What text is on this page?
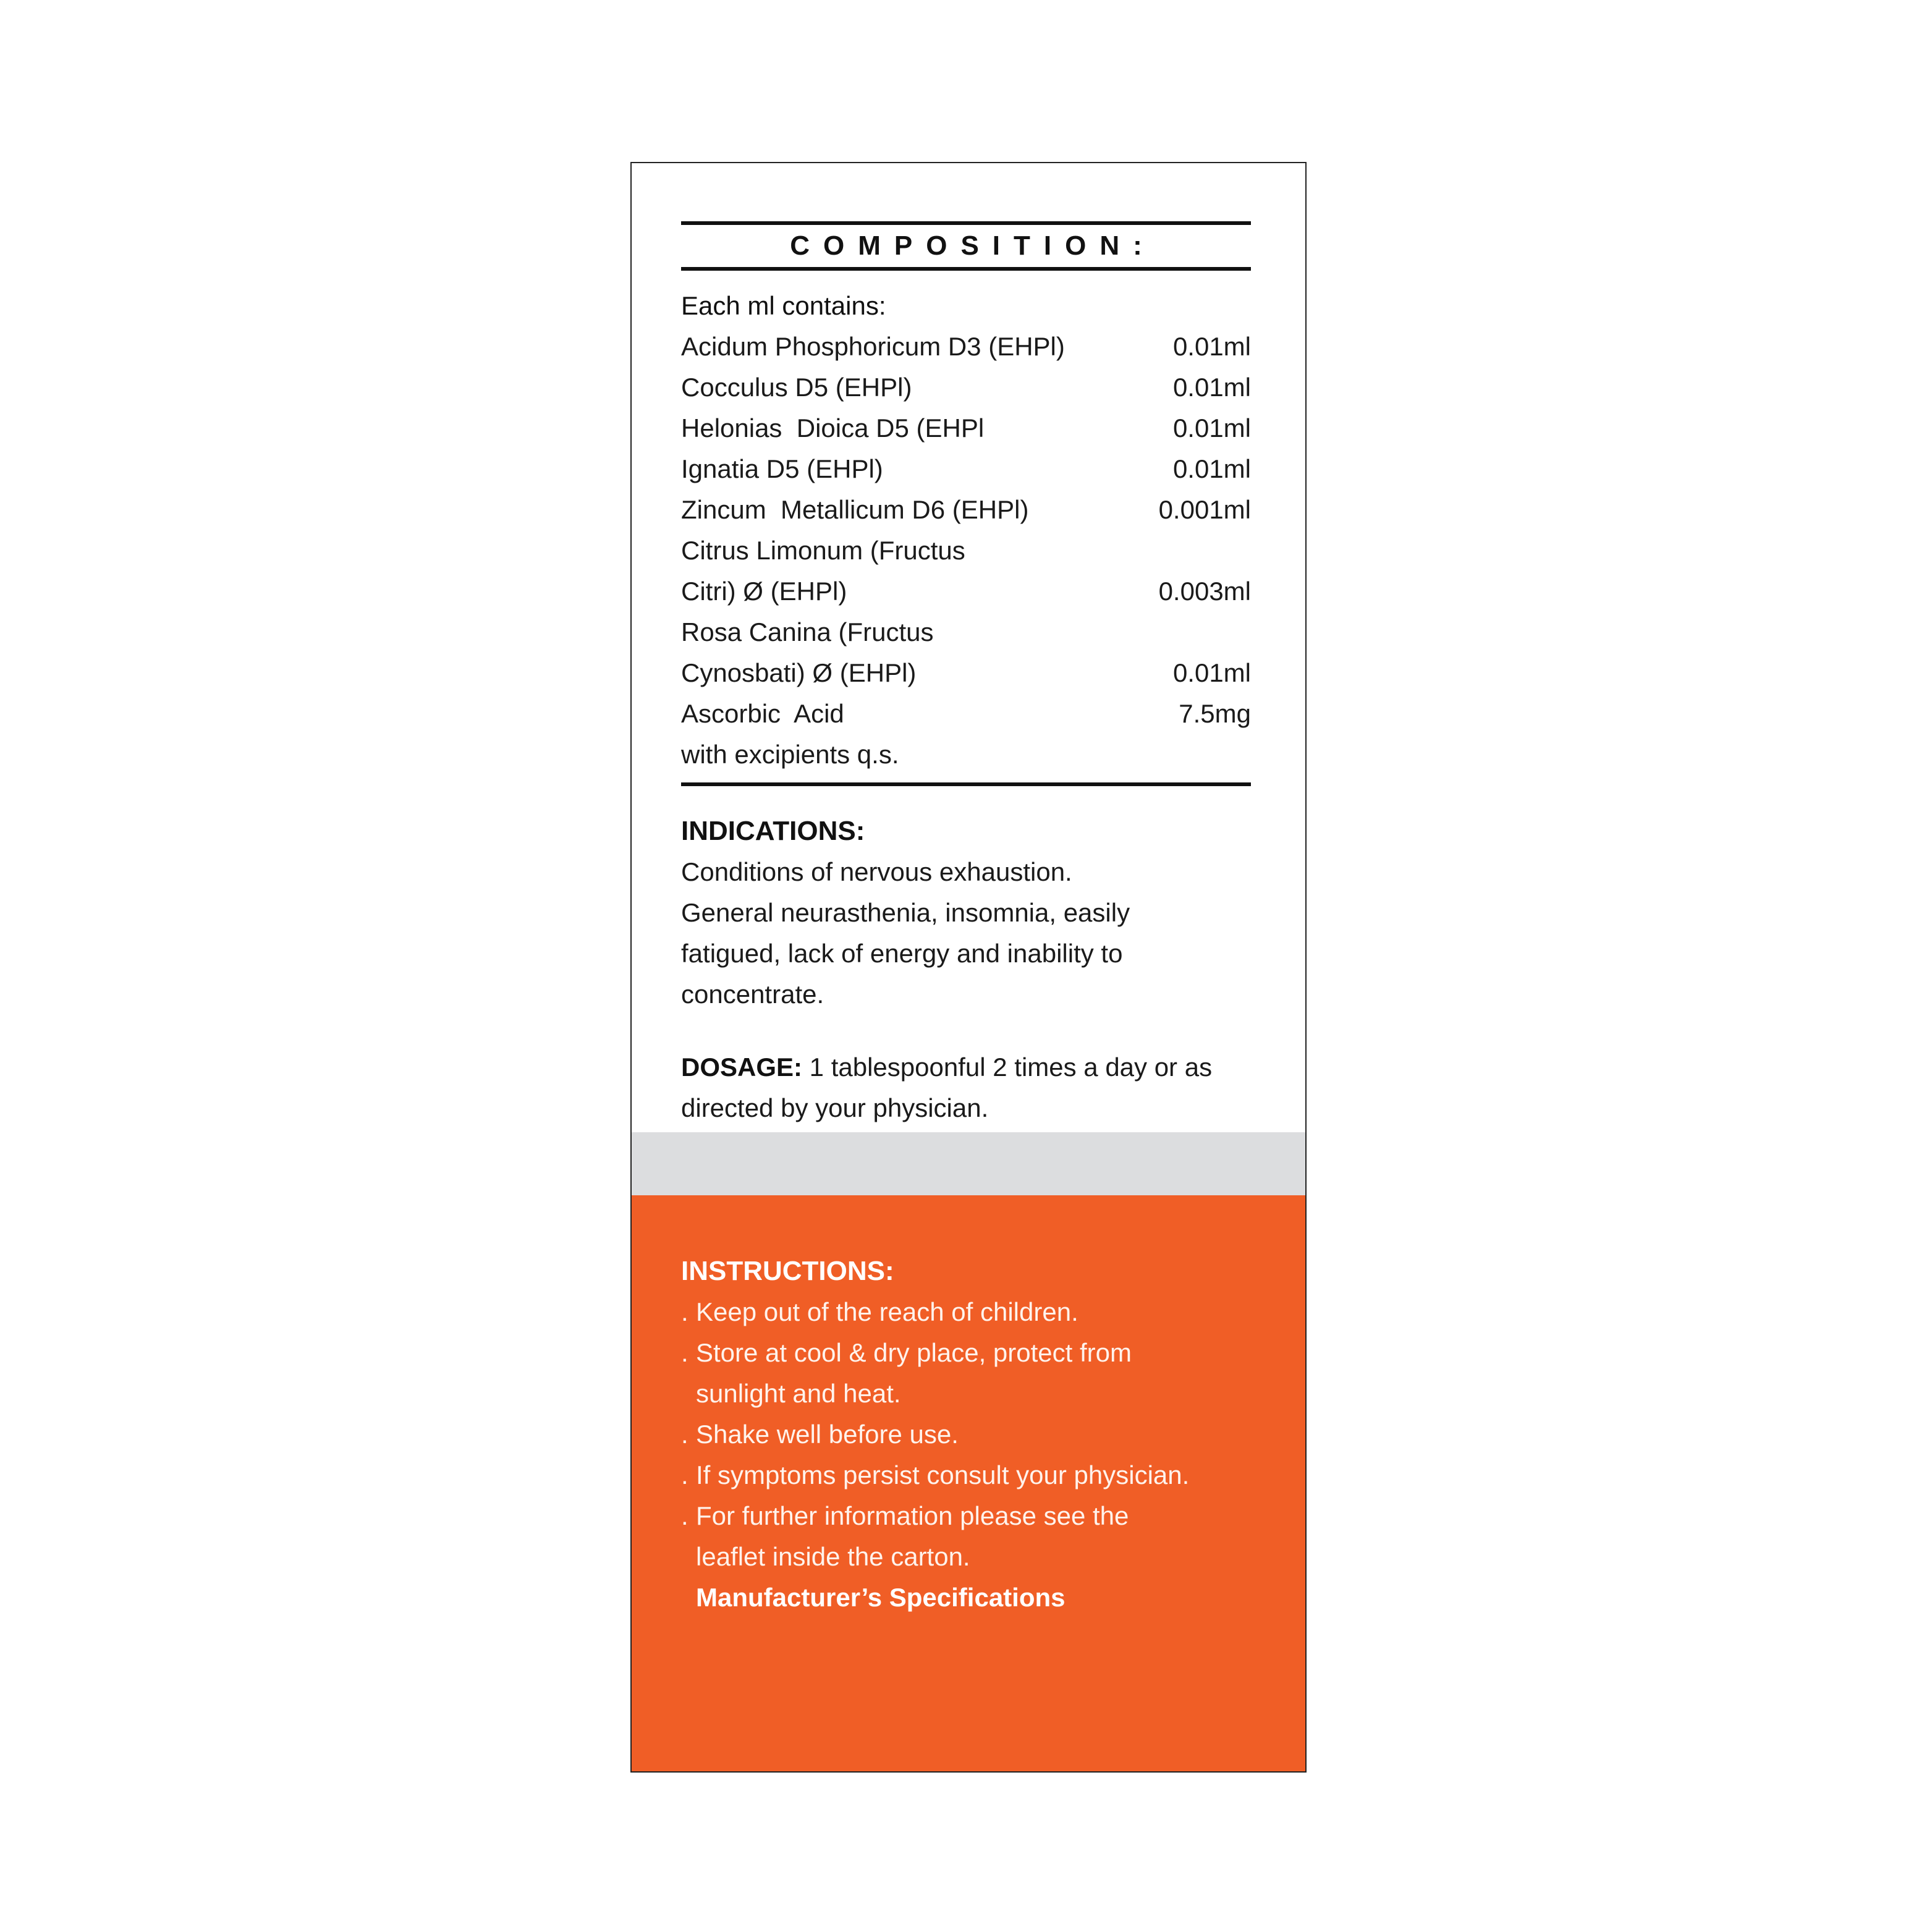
COMPOSITION:
Each ml contains:
Acidum Phosphoricum D3 (EHPl)	0.01ml
Cocculus D5 (EHPl)	0.01ml
Helonias  Dioica D5 (EHPl	0.01ml
Ignatia D5 (EHPl)	0.01ml
Zincum  Metallicum D6 (EHPl)	0.001ml
Citrus Limonum (Fructus
Citri) Ø (EHPl)	0.003ml
Rosa Canina (Fructus
Cynosbati) Ø (EHPl)	0.01ml
Ascorbic  Acid	7.5mg
with excipients q.s.
INDICATIONS:
Conditions of nervous exhaustion.
General neurasthenia, insomnia, easily
fatigued, lack of energy and inability to
concentrate.
DOSAGE: 1 tablespoonful 2 times a day or as
directed by your physician.
INSTRUCTIONS:
. Keep out of the reach of children.
. Store at cool & dry place, protect from
sunlight and heat.
. Shake well before use.
. If symptoms persist consult your physician.
. For further information please see the
leaflet inside the carton.
Manufacturer’s Specifications
